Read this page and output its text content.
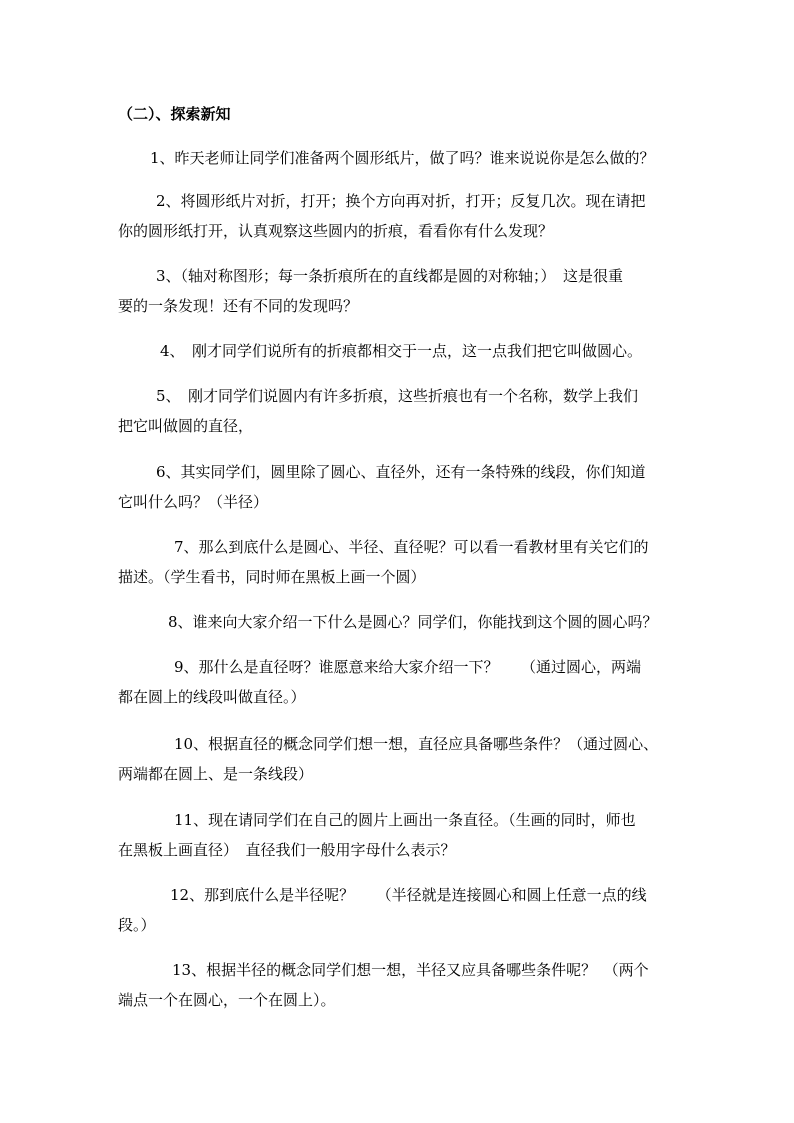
（二）、探索新知
1、昨天老师让同学们准备两个圆形纸片，做了吗？谁来说说你是怎么做的？
2、将圆形纸片对折，打开；换个方向再对折，打开；反复几次。现在请把
你的圆形纸打开，认真观察这些圆内的折痕，看看你有什么发现？
3、（轴对称图形；每一条折痕所在的直线都是圆的对称轴；）　这是很重
要的一条发现！还有不同的发现吗？
4、　刚才同学们说所有的折痕都相交于一点，这一点我们把它叫做圆心。
5、　刚才同学们说圆内有许多折痕，这些折痕也有一个名称，数学上我们
把它叫做圆的直径，
6、其实同学们，圆里除了圆心、直径外，还有一条特殊的线段，你们知道
它叫什么吗？（半径）
7、那么到底什么是圆心、半径、直径呢？可以看一看教材里有关它们的
描述。（学生看书，同时师在黑板上画一个圆）
8、谁来向大家介绍一下什么是圆心？同学们，你能找到这个圆的圆心吗？
9、那什么是直径呀？谁愿意来给大家介绍一下？　　（通过圆心，两端
都在圆上的线段叫做直径。）
10、根据直径的概念同学们想一想，直径应具备哪些条件？（通过圆心、
两端都在圆上、是一条线段）
11、现在请同学们在自己的圆片上画出一条直径。（生画的同时，师也
在黑板上画直径）　直径我们一般用字母什么表示？
12、那到底什么是半径呢？　　（半径就是连接圆心和圆上任意一点的线
段。）
13、根据半径的概念同学们想一想，半径又应具备哪些条件呢？　（两个
端点一个在圆心，一个在圆上）。
